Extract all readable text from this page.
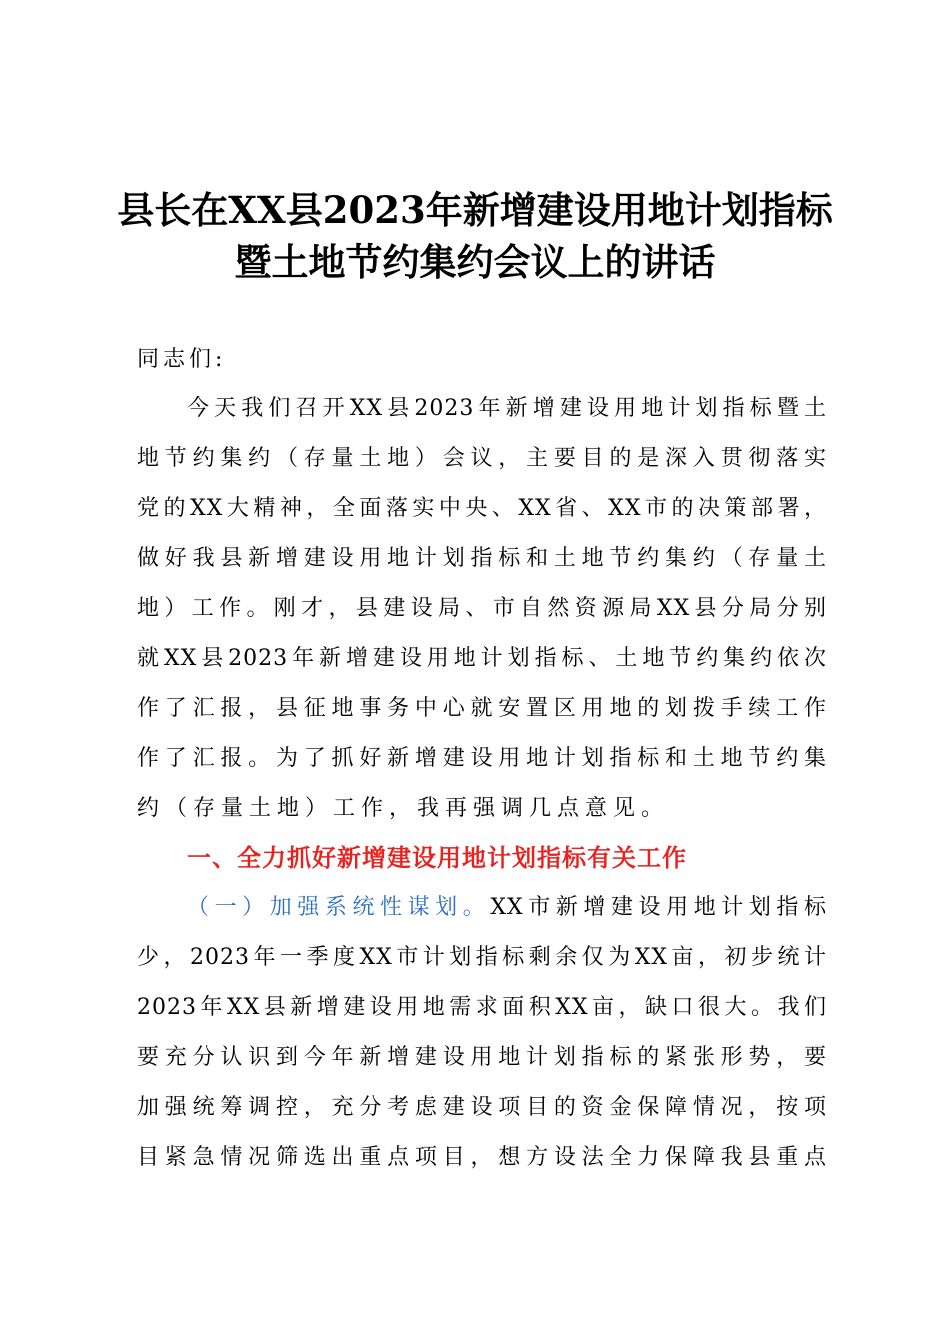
县长在XX县2023年新增建设用地计划指标
暨土地节约集约会议上的讲话
同志们:
今天我们召开XX县2023年新增建设用地计划指标暨土
地节约集约（存量土地）会议，主要目的是深入贯彻落实
党的XX大精神，全面落实中央、XX省、XX市的决策部署，
做好我县新增建设用地计划指标和土地节约集约（存量土
地）工作。刚才，县建设局、市自然资源局XX县分局分别
就XX县2023年新增建设用地计划指标、土地节约集约依次
作了汇报，县征地事务中心就安置区用地的划拨手续工作
作了汇报。为了抓好新增建设用地计划指标和土地节约集
约（存量土地）工作，我再强调几点意见。
一、全力抓好新增建设用地计划指标有关工作
（一）加强系统性谋划。XX市新增建设用地计划指标
少，2023年一季度XX市计划指标剩余仅为XX亩，初步统计
2023年XX县新增建设用地需求面积XX亩，缺口很大。我们
要充分认识到今年新增建设用地计划指标的紧张形势，要
加强统筹调控，充分考虑建设项目的资金保障情况，按项
目紧急情况筛选出重点项目，想方设法全力保障我县重点
